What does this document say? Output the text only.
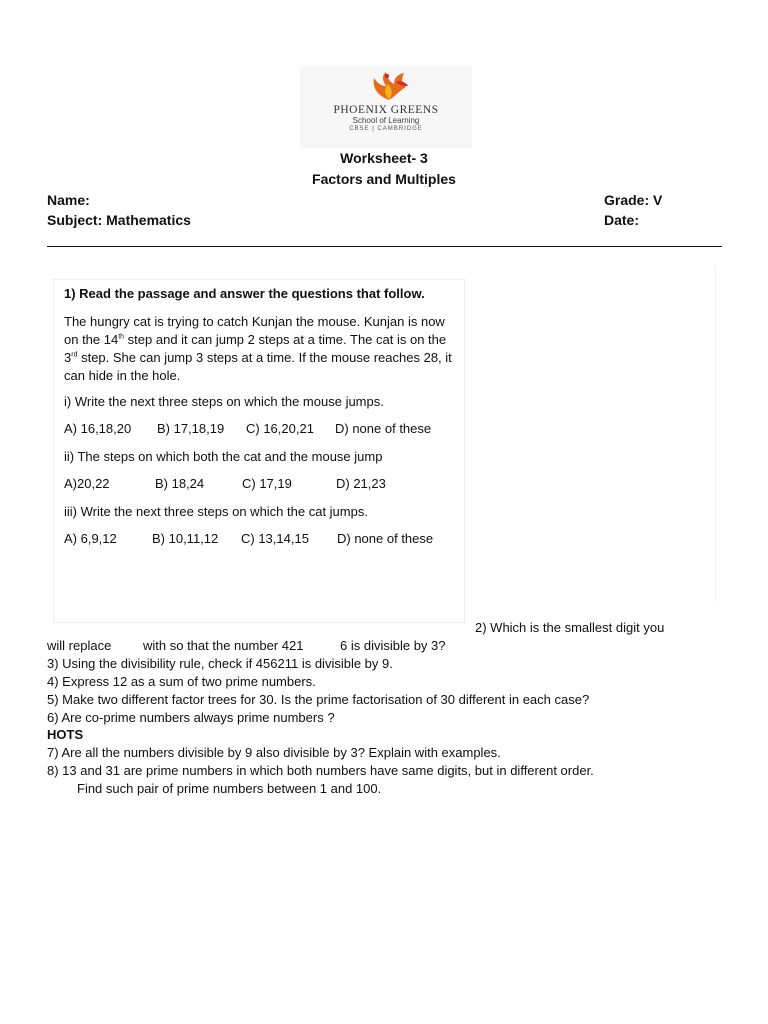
PHOENIX GREENS
School of Learning
CBSE | CAMBRIDGE
Worksheet- 3
Factors and Multiples
Name:	Grade: V
Subject: Mathematics	Date:
1) Read the passage and answer the questions that follow.
The hungry cat is trying to catch Kunjan the mouse. Kunjan is now on the 14th step and it can jump 2 steps at a time. The cat is on the 3rd step. She can jump 3 steps at a time. If the mouse reaches 28, it can hide in the hole.
i) Write the next three steps on which the mouse jumps.
A) 16,18,20 B) 17,18,19 C) 16,20,21 D) none of these
ii) The steps on which both the cat and the mouse jump
A)20,22	B) 18,24	C) 17,19	D) 21,23
iii) Write the next three steps on which the cat jumps.
A) 6,9,12	B) 10,11,12 C) 13,14,15 D) none of these
2) Which is the smallest digit you
will replace with so that the number 421	6 is divisible by 3?
3) Using the divisibility rule, check if 456211 is divisible by 9.
4) Express 12 as a sum of two prime numbers.
5) Make two different factor trees for 30. Is the prime factorisation of 30 different in each case?
6) Are co-prime numbers always prime numbers ?
HOTS
7) Are all the numbers divisible by 9 also divisible by 3? Explain with examples.
8) 13 and 31 are prime numbers in which both numbers have same digits, but in different order.
Find such pair of prime numbers between 1 and 100.
